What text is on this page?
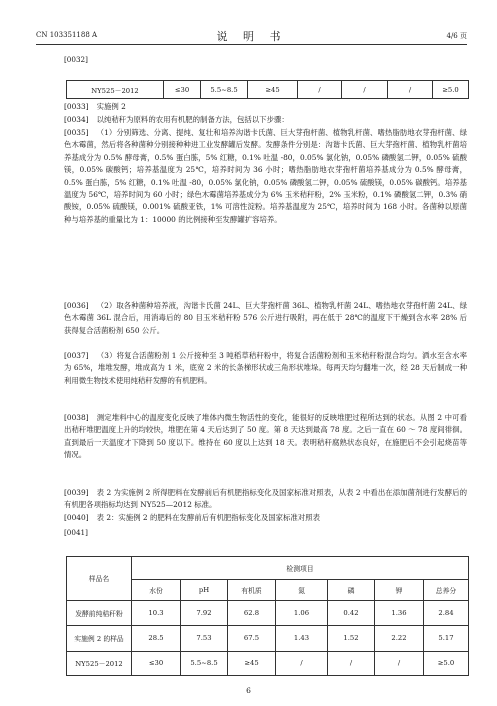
CN 103351188 A	说 明 书	4/6 页
[0032]
NY525－2012	≤30	5.5~8.5	≥45	/	/	/	≥5.0
[0033] 实施例 2
[0034] 以纯秸秆为原料的农用有机肥的制备方法，包括以下步骤：
[0035] （1）分别筛选、分离、提纯、复壮和培养沟谐卡氏菌、巨大芽孢杆菌、植物乳杆菌、嗜热脂肪地衣芽孢杆菌、绿色木霉菌，然后将各种菌种分别接种种进工业发酵罐后发酵。发酵条件分别是：沟谐卡氏菌、巨大芽孢杆菌、植物乳杆菌培养基成分为 0.5% 酵母膏，0.5% 蛋白胨，5% 红糖，0.1% 吐温 -80，0.05% 氯化钠，0.05% 磷酸氢二钾，0.05% 硫酸镁，0.05% 碳酸钙；培养基温度为 25℃，培养时间为 36 小时；嗜热脂肪地衣芽孢杆菌培养基成分为 0.5% 酵母膏，0.5% 蛋白胨，5% 红糖，0.1% 吐温 -80，0.05% 氯化钠，0.05% 磷酸氢二钾，0.05% 硫酸镁，0.05% 碳酸钙。培养基温度为 56℃，培养时间为 60 小时；绿色木霉菌培养基成分为 6% 玉米秸秆粉，2% 玉米粉，0.1% 磷酸氢二钾，0.3% 硝酸铵，0.05% 硫酸镁，0.001% 硫酸亚铁，1% 可溶性淀粉。培养基温度为 25℃，培养时间为 168 小时。各菌种以原菌种与培养基的重量比为 1：10000 的比例接种至发酵罐扩容培养。
[0036] （2）取各种菌种培养液，沟谐卡氏菌 24L、巨大芽孢杆菌 36L、植物乳杆菌 24L、嗜热地衣芽孢杆菌 24L、绿色木霉菌 36L 混合后，用消毒后的 80 目玉米秸秆粉 576 公斤进行吸附，再在低于 28℃的温度下干燥到含水率 28% 后获得复合活菌粉剂 650 公斤。
[0037] （3）将复合活菌粉剂 1 公斤接种至 3 吨稻草秸秆粉中，将复合活菌粉剂和玉米秸秆粉混合均匀。洒水至含水率为 65%，堆堆发酵，堆成高为 1 米，底宽 2 米的长条梯形状或三角形状堆垛。每两天均匀翻堆一次，经 28 天后制成一种利用微生物技术使用纯秸秆发酵的有机肥料。
[0038] 测定堆料中心的温度变化反映了堆体内微生物活性的变化，能很好的反映堆肥过程所达到的状态。从图 2 中可看出秸秆堆肥温度上升的均较快，堆肥在第 4 天后达到了 50 度。第 8 天达到最高 78 度。之后一直在 60 ～ 78 度间徘徊。直到最后一天温度才下降到 50 度以下。维持在 60 度以上达到 18 天。表明秸秆腐熟状态良好，在施肥后不会引起烧苗等情况。
[0039] 表 2 为实施例 2 所得肥料在发酵前后有机肥指标变化及国家标准对照表，从表 2 中看出在添加菌剂进行发酵后的有机肥各项指标均达到 NY525—2012 标准。
[0040] 表 2：实施例 2 的肥料在发酵前后有机肥指标变化及国家标准对照表
[0041]
样品名	检测项目						
	水份	pH	有机质	氮	磷	钾	总养分
发酵前纯秸秆粉	10.3	7.92	62.8	1.06	0.42	1.36	2.84
实施例 2 的样品	28.5	7.53	67.5	1.43	1.52	2.22	5.17
NY525－2012	≤30	5.5~8.5	≥45	/	/	/	≥5.0
6
